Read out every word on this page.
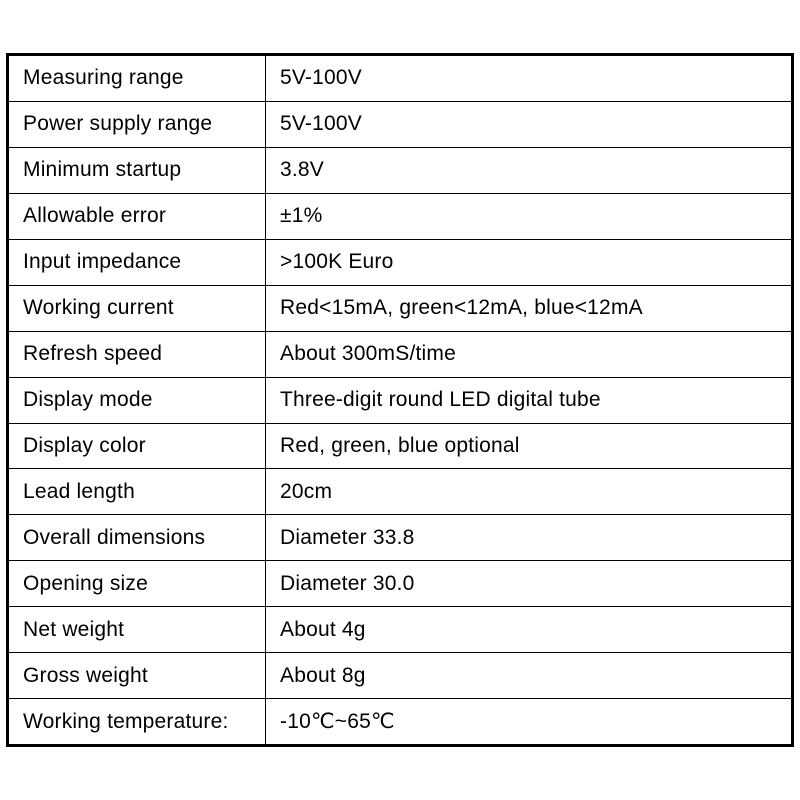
Measuring range	5V-100V
Power supply range	5V-100V
Minimum startup	3.8V
Allowable error	±1%
Input impedance	>100K Euro
Working current	Red<15mA, green<12mA, blue<12mA
Refresh speed	About 300mS/time
Display mode	Three-digit round LED digital tube
Display color	Red, green, blue optional
Lead length	20cm
Overall dimensions	Diameter 33.8
Opening size	Diameter 30.0
Net weight	About 4g
Gross weight	About 8g
Working temperature:	-10℃~65℃
